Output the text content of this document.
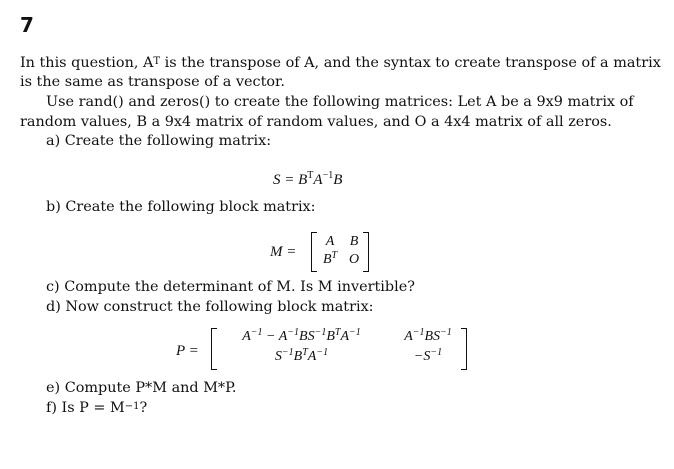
7
In this question, $A^T$ is the transpose of A, and the syntax to create transpose of a matrix
is the same as transpose of a vector.
Use rand() and zeros() to create the following matrices: Let A be a 9x9 matrix of
random values, B a 9x4 matrix of random values, and O a 4x4 matrix of all zeros.
a) Create the following matrix:
$S = B^TA^{-1}B$
b) Create the following block matrix:
M =
A	B
$B^T$ O
c) Compute the determinant of M. Is M invertible?
d) Now construct the following block matrix:
P =
$A^{-1} - A^{-1}BS^{-1}B^TA^{-1}$	$A^{-1}BS^{-1}$
$S^{-1}B^TA^{-1}$	$-S^{-1}$
e) Compute P*M and M*P.
f) Is $P = M^{-1}$?
